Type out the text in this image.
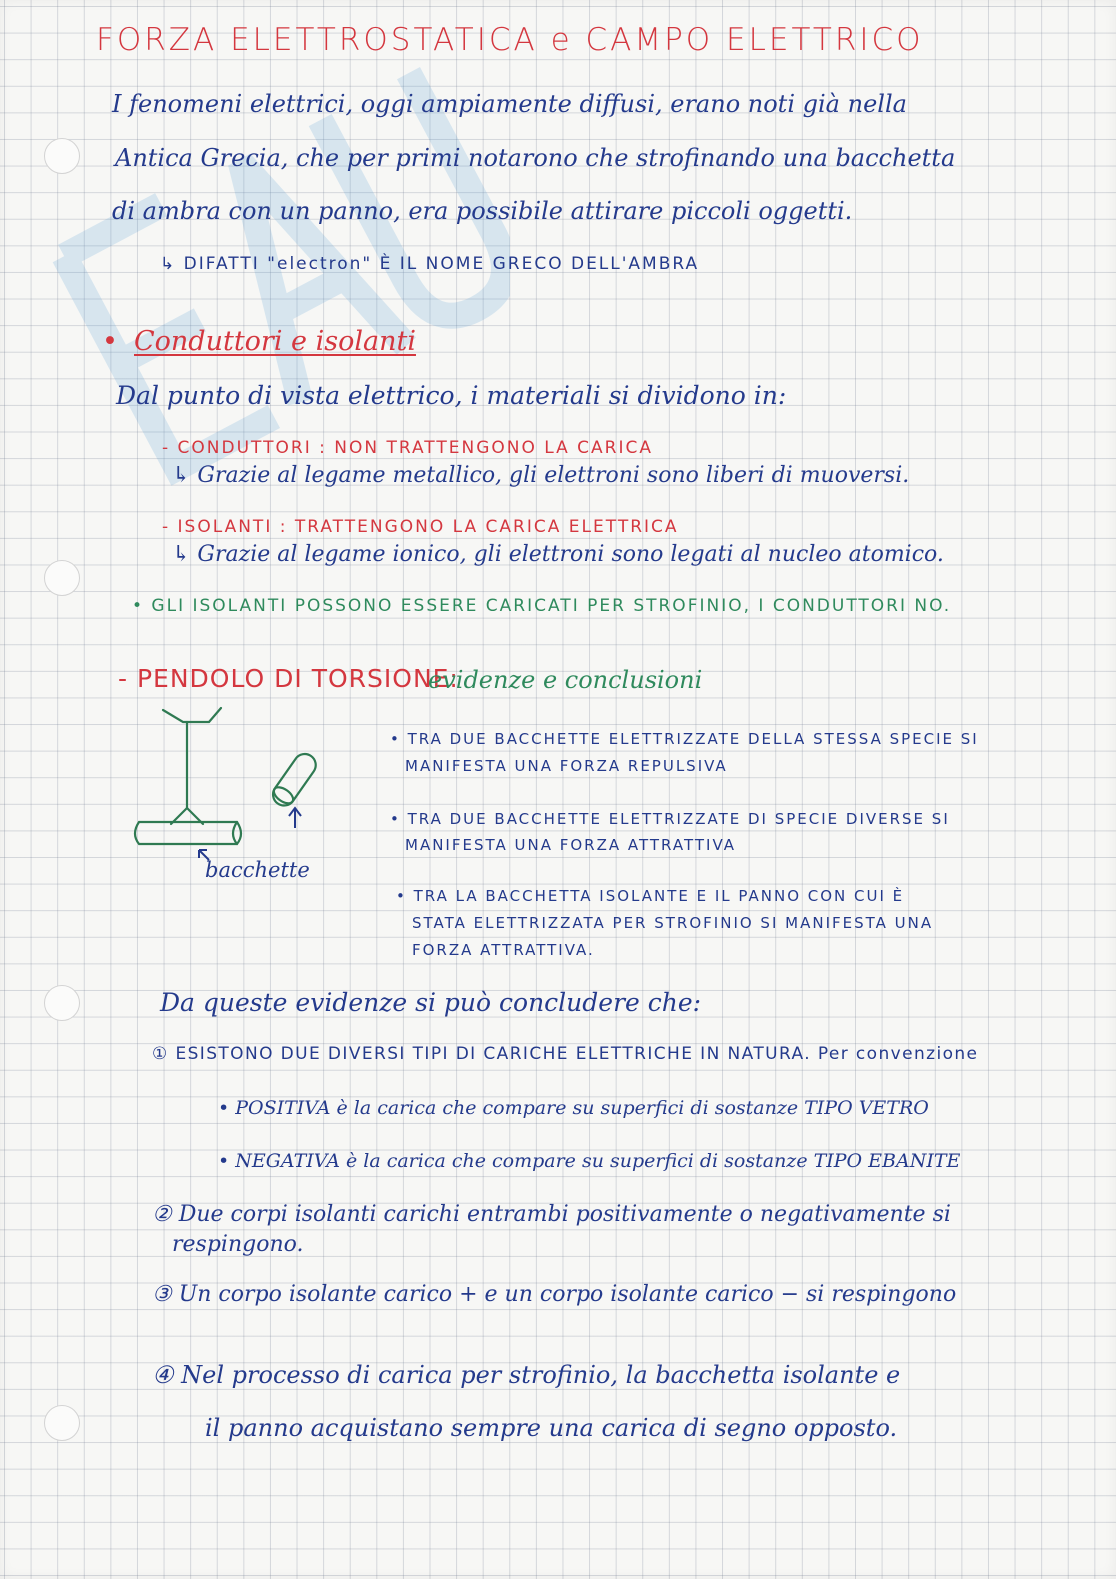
FORZA ELETTROSTATICA e CAMPO ELETTRICO
I fenomeni elettrici, oggi ampiamente diffusi, erano noti già nella
Antica Grecia, che per primi notarono che strofinando una bacchetta
di ambra con un panno, era possibile attirare piccoli oggetti.
↳ DIFATTI "electron" È IL NOME GRECO DELL'AMBRA
• Conduttori e isolanti
Dal punto di vista elettrico, i materiali si dividono in:
- CONDUTTORI : NON TRATTENGONO LA CARICA
↳ Grazie al legame metallico, gli elettroni sono liberi di muoversi.
- ISOLANTI : TRATTENGONO LA CARICA ELETTRICA
↳ Grazie al legame ionico, gli elettroni sono legati al nucleo atomico.
• GLI ISOLANTI POSSONO ESSERE CARICATI PER STROFINIO, I CONDUTTORI NO.
- PENDOLO DI TORSIONE:
evidenze e conclusioni
bacchette
• TRA DUE BACCHETTE ELETTRIZZATE DELLA STESSA SPECIE SI
MANIFESTA UNA FORZA REPULSIVA
• TRA DUE BACCHETTE ELETTRIZZATE DI SPECIE DIVERSE SI
MANIFESTA UNA FORZA ATTRATTIVA
• TRA LA BACCHETTA ISOLANTE E IL PANNO CON CUI È
STATA ELETTRIZZATA PER STROFINIO SI MANIFESTA UNA
FORZA ATTRATTIVA.
Da queste evidenze si può concludere che:
① ESISTONO DUE DIVERSI TIPI DI CARICHE ELETTRICHE IN NATURA. Per convenzione
• POSITIVA è la carica che compare su superfici di sostanze TIPO VETRO
• NEGATIVA è la carica che compare su superfici di sostanze TIPO EBANITE
② Due corpi isolanti carichi entrambi positivamente o negativamente si
respingono.
③ Un corpo isolante carico + e un corpo isolante carico − si respingono
④ Nel processo di carica per strofinio, la bacchetta isolante e
il panno acquistano sempre una carica di segno opposto.
